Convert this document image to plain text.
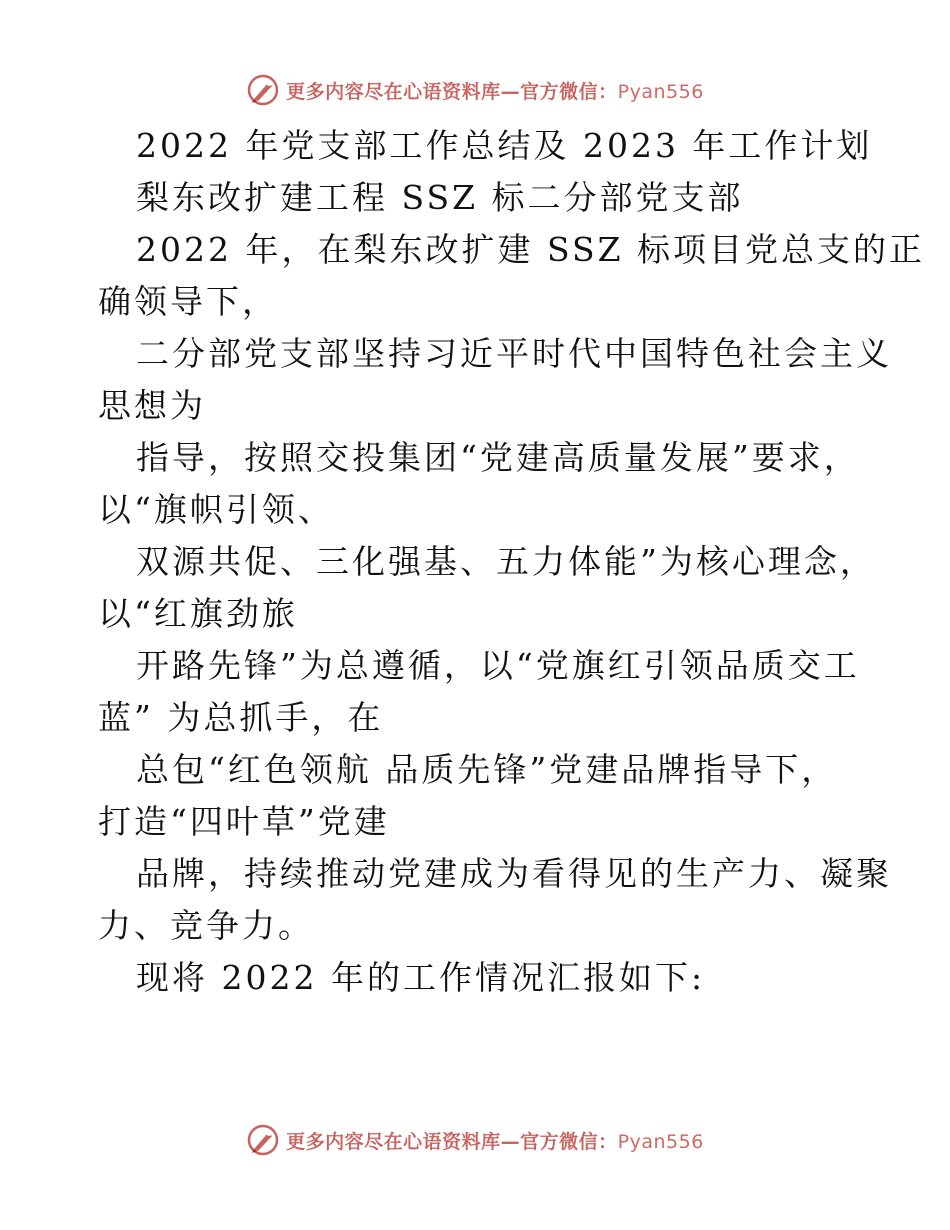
更多内容尽在心语资料库—官方微信：Pyan556
2022 年党支部工作总结及 2023 年工作计划
梨东改扩建工程 SSZ 标二分部党支部
2022 年，在梨东改扩建 SSZ 标项目党总支的正
确领导下，
二分部党支部坚持习近平时代中国特色社会主义
思想为
指导，按照交投集团“党建高质量发展”要求，
以“旗帜引领、
双源共促、三化强基、五力体能”为核心理念，
以“红旗劲旅
开路先锋”为总遵循，以“党旗红引领品质交工
蓝” 为总抓手，在
总包“红色领航 品质先锋”党建品牌指导下，
打造“四叶草”党建
品牌，持续推动党建成为看得见的生产力、凝聚
力、竞争力。
现将 2022 年的工作情况汇报如下:
更多内容尽在心语资料库—官方微信：Pyan556
